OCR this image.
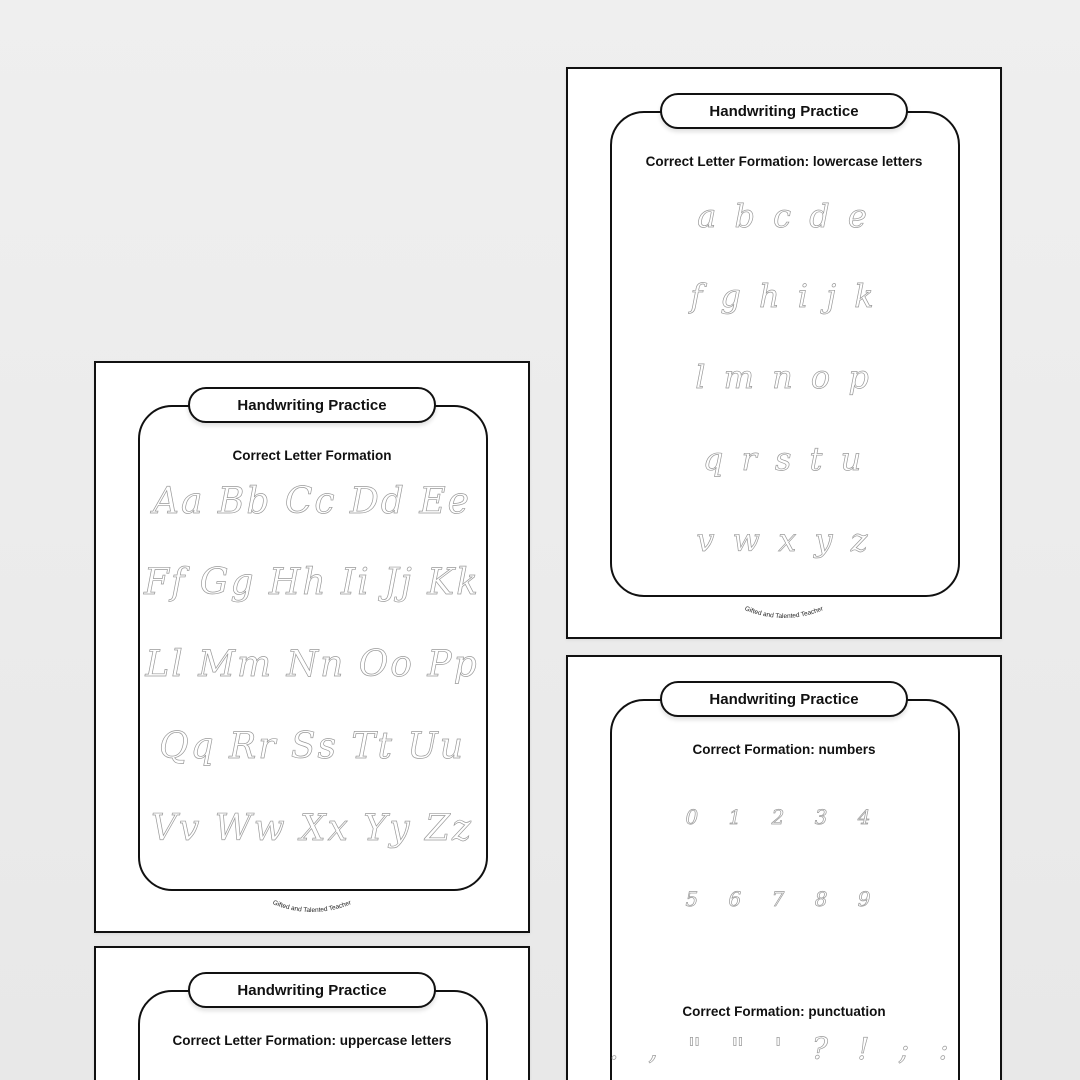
Handwriting Practice
Correct Letter Formation
Aa Bb Cc Dd Ee
Ff Gg Hh Ii Jj Kk
Ll Mm Nn Oo Pp
Qq Rr Ss Tt Uu
Vv Ww Xx Yy Zz
Gifted and Talented Teacher
Handwriting Practice
Correct Letter Formation: lowercase letters
a b c d e
f g h i j k
l m n o p
q r s t u
v w x y z
Gifted and Talented Teacher
Handwriting Practice
Correct Letter Formation: uppercase letters
Handwriting Practice
Correct Formation: numbers
0 1 2 3 4
5 6 7 8 9
Correct Formation: punctuation
. , " " ' ? ! ; :
